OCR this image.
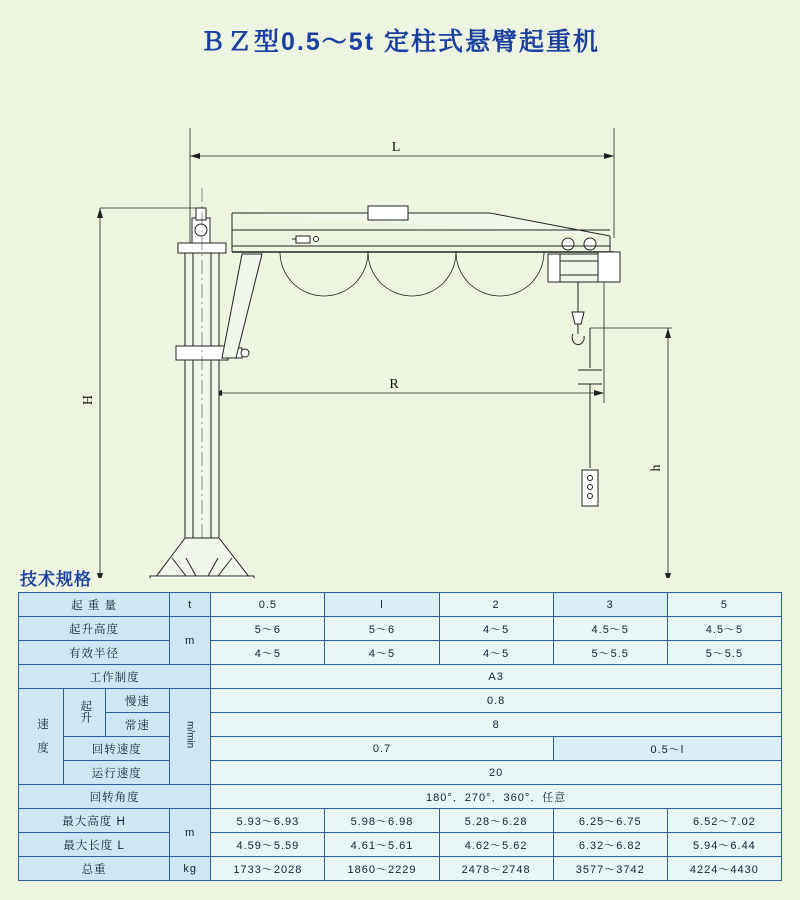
ＢＺ型0.5～5t 定柱式悬臂起重机
L
R
H
h
技术规格
起 重 量			t	0.5	l	2	3	5
起升高度			m	5～6	5～6	4～5	4.5～5	4.5～5
有效半径				4～5	4～5	4～5	5～5.5	5～5.5
工作制度				A3				
速 度	起升	慢速	m/min	0.8				
		常速		8				
	回转速度			0.7			0.5～l	
	运行速度			20				
回转角度				180°．270°．360°．任意				
最大高度 H			m	5.93～6.93	5.98～6.98	5.28～6.28	6.25～6.75	6.52～7.02
最大长度 L				4.59～5.59	4.61～5.61	4.62～5.62	6.32～6.82	5.94～6.44
总重			kg	1733～2028	1860～2229	2478～2748	3577～3742	4224～4430
